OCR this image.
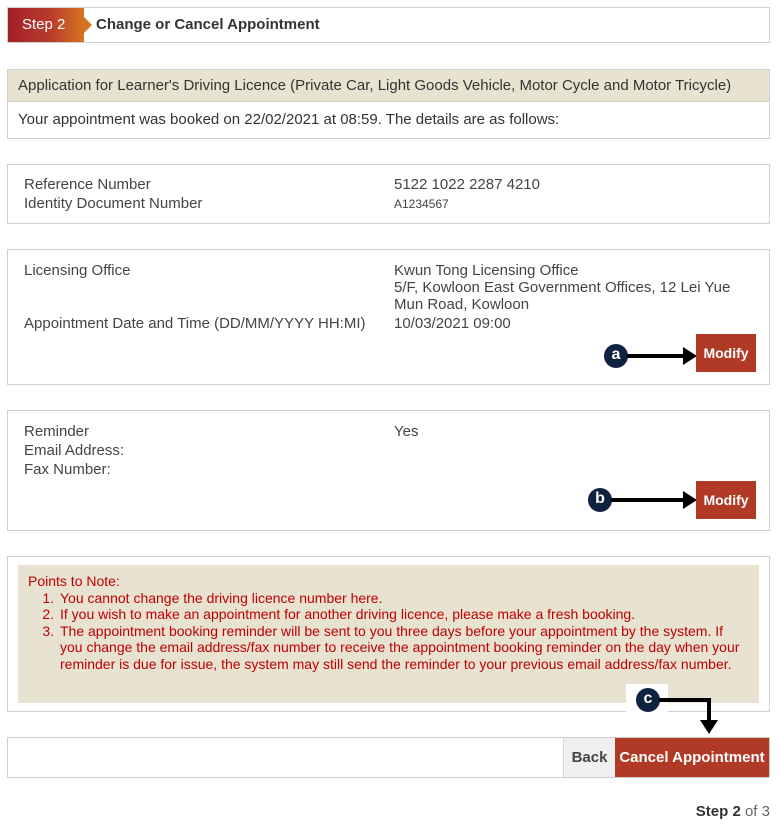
Step 2	Change or Cancel Appointment
Application for Learner's Driving Licence (Private Car, Light Goods Vehicle, Motor Cycle and Motor Tricycle)
Your appointment was booked on 22/02/2021 at 08:59. The details are as follows:
Reference Number	5122 1022 2287 4210
Identity Document Number	A1234567
Licensing Office	Kwun Tong Licensing Office
5/F, Kowloon East Government Offices, 12 Lei Yue
Mun Road, Kowloon
Appointment Date and Time (DD/MM/YYYY HH:MI) 10/03/2021 09:00
a	Modify
Reminder	Yes
Email Address:
Fax Number:
b	Modify
Points to Note:
1. You cannot change the driving licence number here.
2. If you wish to make an appointment for another driving licence, please make a fresh booking.
3. The appointment booking reminder will be sent to you three days before your appointment by the system. If you change the email address/fax number to receive the appointment booking reminder on the day when your reminder is due for issue, the system may still send the reminder to your previous email address/fax number.
c
Back Cancel Appointment
Step 2 of 3
